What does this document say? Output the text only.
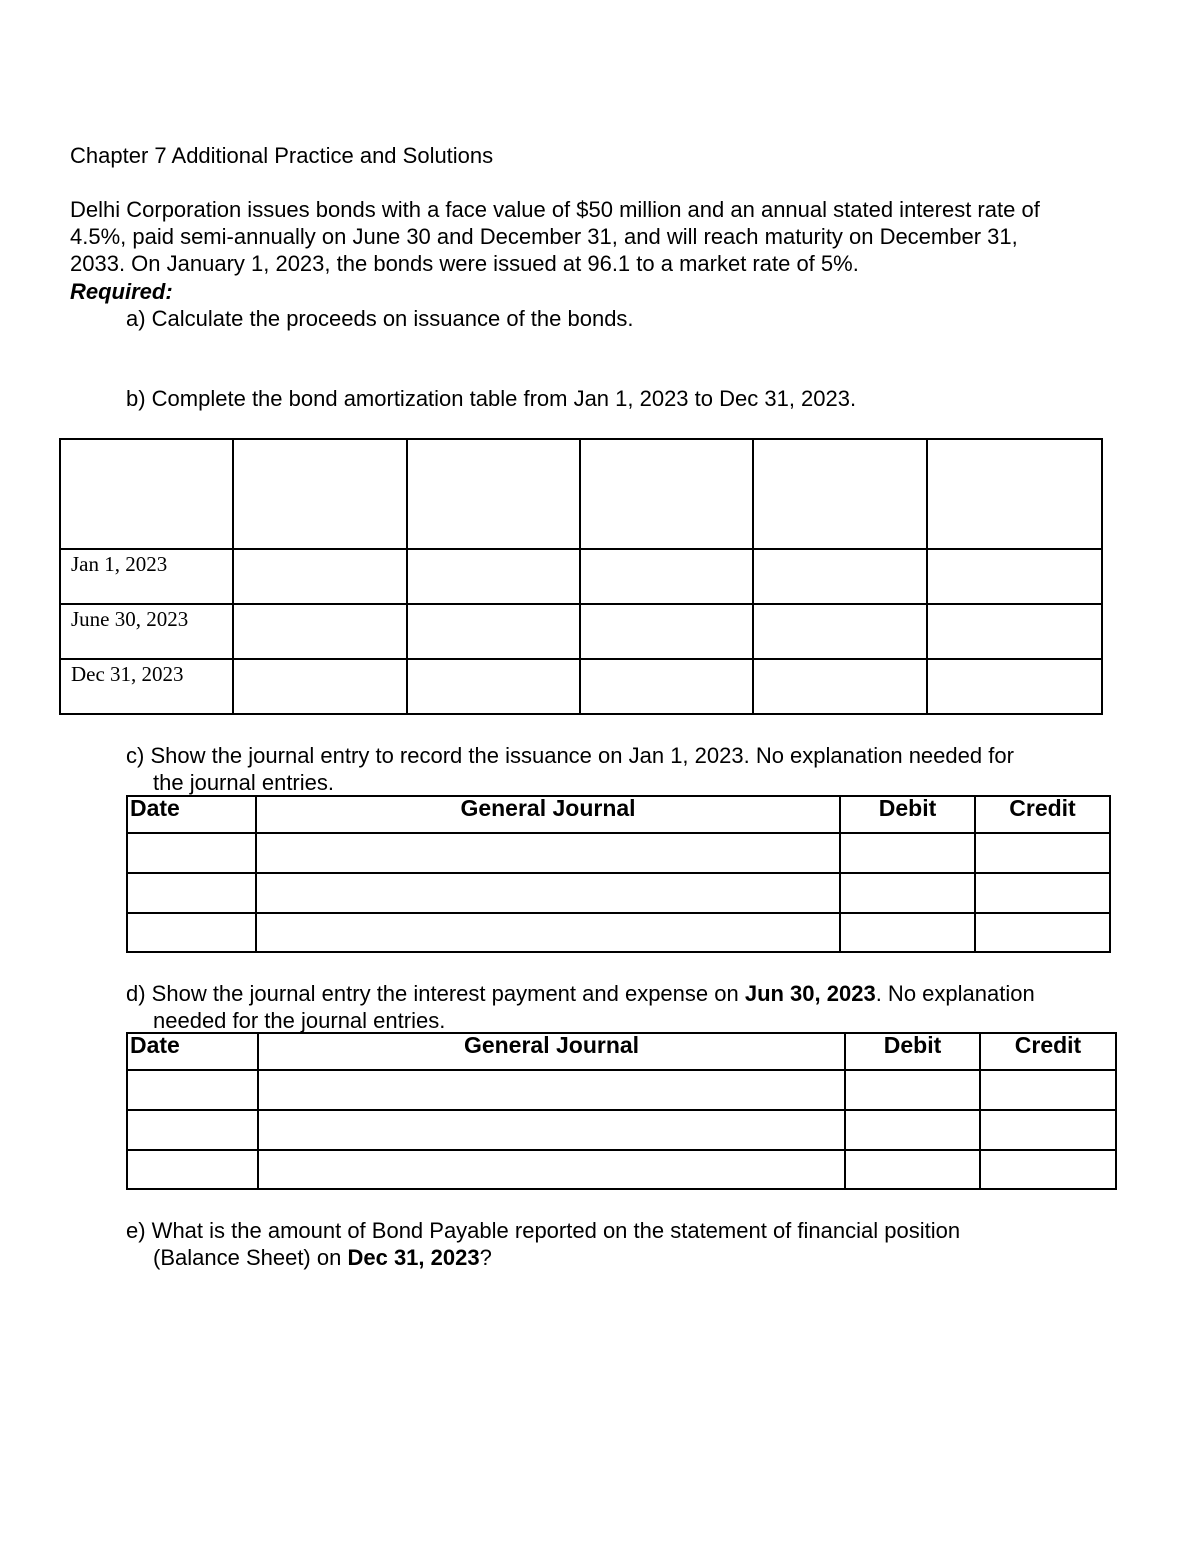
Chapter 7 Additional Practice and Solutions
Delhi Corporation issues bonds with a face value of $50 million and an annual stated interest rate of
4.5%, paid semi-annually on June 30 and December 31, and will reach maturity on December 31,
2033. On January 1, 2023, the bonds were issued at 96.1 to a market rate of 5%.
Required:
a) Calculate the proceeds on issuance of the bonds.
b) Complete the bond amortization table from Jan 1, 2023 to Dec 31, 2023.

Jan 1, 2023					
June 30, 2023					
Dec 31, 2023					
c) Show the journal entry to record the issuance on Jan 1, 2023. No explanation needed for
the journal entries.
Date	General Journal	Debit	Credit

d) Show the journal entry the interest payment and expense on Jun 30, 2023. No explanation
needed for the journal entries.
Date	General Journal	Debit	Credit

e) What is the amount of Bond Payable reported on the statement of financial position
(Balance Sheet) on Dec 31, 2023?
